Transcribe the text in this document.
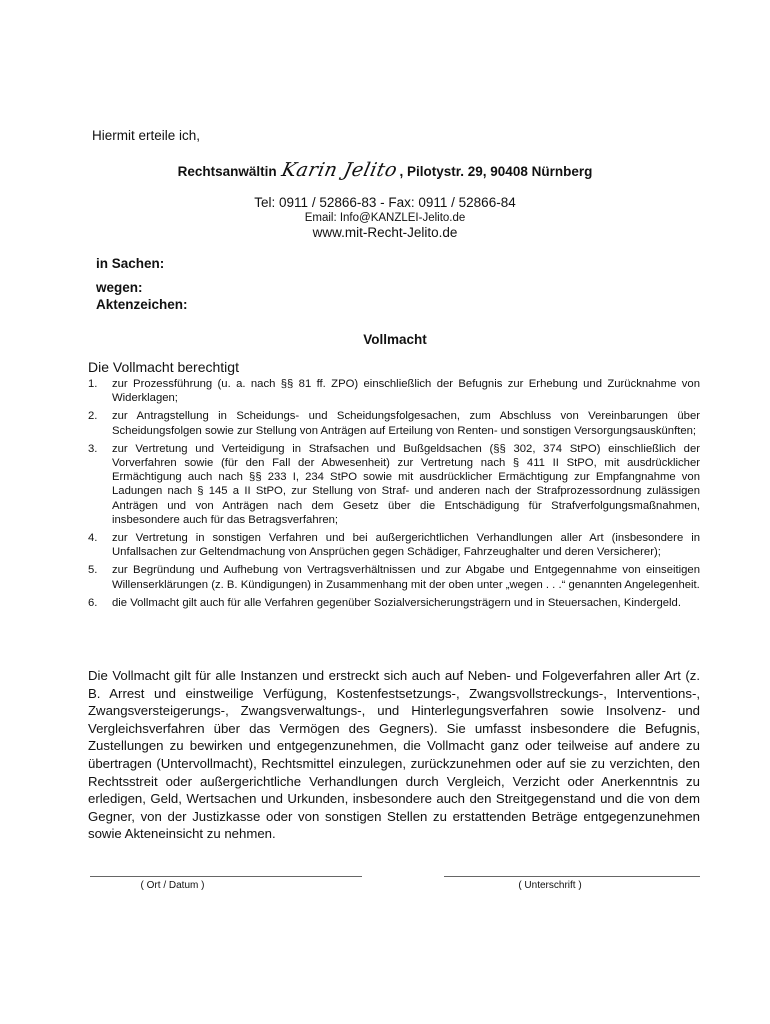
Hiermit erteile ich,
Rechtsanwältin Karin Jelito, Pilotystr. 29, 90408 Nürnberg
Tel: 0911 / 52866-83 - Fax: 0911 / 52866-84
Email: Info@KANZLEI-Jelito.de
www.mit-Recht-Jelito.de
in Sachen:
wegen:
Aktenzeichen:
Vollmacht
Die Vollmacht berechtigt
1. zur Prozessführung (u. a. nach §§ 81 ff. ZPO) einschließlich der Befugnis zur Erhebung und Zurücknahme von Widerklagen;
2. zur Antragstellung in Scheidungs- und Scheidungsfolgesachen, zum Abschluss von Vereinbarungen über Scheidungsfolgen sowie zur Stellung von Anträgen auf Erteilung von Renten- und sonstigen Versorgungsauskünften;
3. zur Vertretung und Verteidigung in Strafsachen und Bußgeldsachen (§§ 302, 374 StPO) einschließlich der Vorverfahren sowie (für den Fall der Abwesenheit) zur Vertretung nach § 411 II StPO, mit ausdrücklicher Ermächtigung auch nach §§ 233 I, 234 StPO sowie mit ausdrücklicher Ermächtigung zur Empfangnahme von Ladungen nach § 145 a II StPO, zur Stellung von Straf- und anderen nach der Strafprozessordnung zulässigen Anträgen und von Anträgen nach dem Gesetz über die Entschädigung für Strafverfolgungsmaßnahmen, insbesondere auch für das Betragsverfahren;
4. zur Vertretung in sonstigen Verfahren und bei außergerichtlichen Verhandlungen aller Art (insbesondere in Unfallsachen zur Geltendmachung von Ansprüchen gegen Schädiger, Fahrzeughalter und deren Versicherer);
5. zur Begründung und Aufhebung von Vertragsverhältnissen und zur Abgabe und Entgegennahme von einseitigen Willenserklärungen (z. B. Kündigungen) in Zusammenhang mit der oben unter „wegen . . .“ genannten Angelegenheit.
6. die Vollmacht gilt auch für alle Verfahren gegenüber Sozialversicherungsträgern und in Steuersachen, Kindergeld.

Die Vollmacht gilt für alle Instanzen und erstreckt sich auch auf Neben- und Folgeverfahren aller Art (z. B. Arrest und einstweilige Verfügung, Kostenfestsetzungs-, Zwangsvollstreckungs-, Interventions-, Zwangsversteigerungs-, Zwangsverwaltungs-, und Hinterlegungsverfahren sowie Insolvenz- und Vergleichsverfahren über das Vermögen des Gegners). Sie umfasst insbesondere die Befugnis, Zustellungen zu bewirken und entgegenzunehmen, die Vollmacht ganz oder teilweise auf andere zu übertragen (Untervollmacht), Rechtsmittel einzulegen, zurückzunehmen oder auf sie zu verzichten, den Rechtsstreit oder außergerichtliche Verhandlungen durch Vergleich, Verzicht oder Anerkenntnis zu erledigen, Geld, Wertsachen und Urkunden, insbesondere auch den Streitgegenstand und die von dem Gegner, von der Justizkasse oder von sonstigen Stellen zu erstattenden Beträge entgegenzunehmen sowie Akteneinsicht zu nehmen.

( Ort / Datum )	( Unterschrift )
